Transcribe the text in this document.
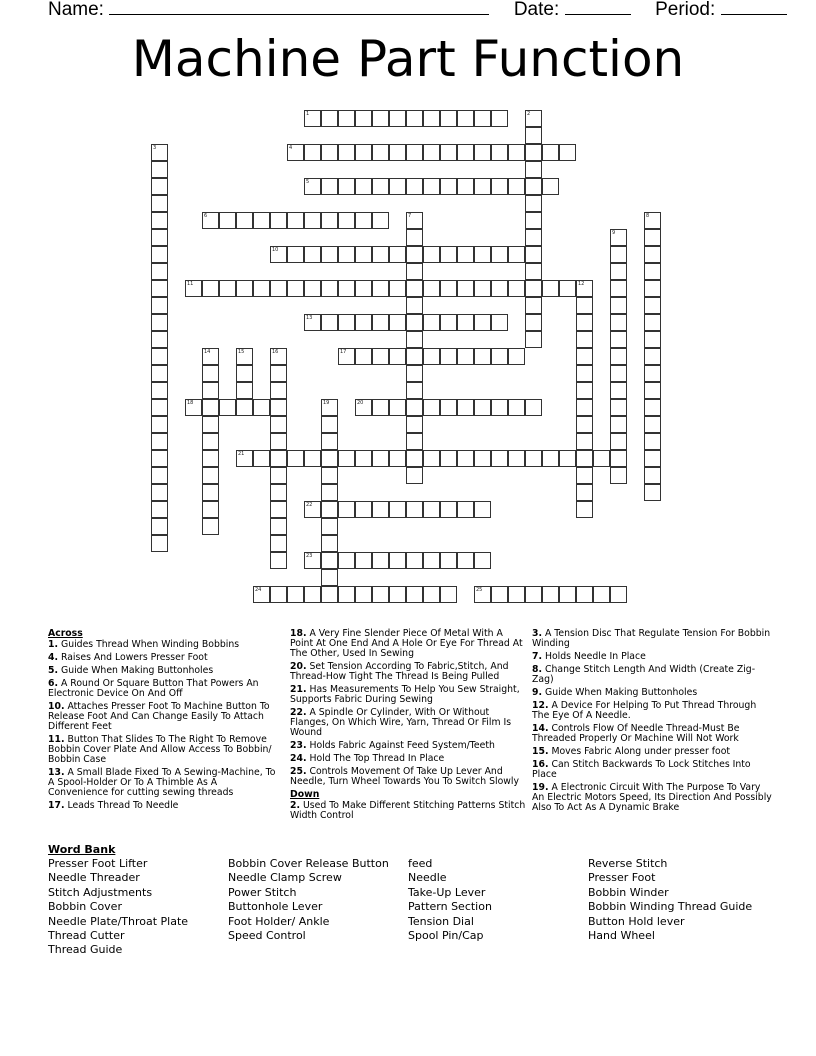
Name:	Date:	Period:
Machine Part Function
1
4
5
6
10
11	12
13
17
18	20
21
22
23
24	25
2
3
7	8
9
14	15	16
19
Across
1. Guides Thread When Winding Bobbins
4. Raises And Lowers Presser Foot
5. Guide When Making Buttonholes
6. A Round Or Square Button That Powers An Electronic Device On And Off
10. Attaches Presser Foot To Machine Button To Release Foot And Can Change Easily To Attach Different Feet
11. Button That Slides To The Right To Remove Bobbin Cover Plate And Allow Access To Bobbin/ Bobbin Case
13. A Small Blade Fixed To A Sewing-Machine, To A Spool-Holder Or To A Thimble As A Convenience for cutting sewing threads
17. Leads Thread To Needle
18. A Very Fine Slender Piece Of Metal With A Point At One End And A Hole Or Eye For Thread At The Other, Used In Sewing
20. Set Tension According To Fabric,Stitch, And Thread-How Tight The Thread Is Being Pulled
21. Has Measurements To Help You Sew Straight, Supports Fabric During Sewing
22. A Spindle Or Cylinder, With Or Without Flanges, On Which Wire, Yarn, Thread Or Film Is Wound
23. Holds Fabric Against Feed System/Teeth
24. Hold The Top Thread In Place
25. Controls Movement Of Take Up Lever And Needle, Turn Wheel Towards You To Switch Slowly
Down
2. Used To Make Different Stitching Patterns Stitch Width Control
3. A Tension Disc That Regulate Tension For Bobbin Winding
7. Holds Needle In Place
8. Change Stitch Length And Width (Create Zig-Zag)
9. Guide When Making Buttonholes
12. A Device For Helping To Put Thread Through The Eye Of A Needle.
14. Controls Flow Of Needle Thread-Must Be Threaded Properly Or Machine Will Not Work
15. Moves Fabric Along under presser foot
16. Can Stitch Backwards To Lock Stitches Into Place
19. A Electronic Circuit With The Purpose To Vary An Electric Motors Speed, Its Direction And Possibly Also To Act As A Dynamic Brake
Word Bank
Presser Foot Lifter
Needle Threader
Stitch Adjustments
Bobbin Cover
Needle Plate/Throat Plate
Thread Cutter
Thread Guide
Bobbin Cover Release Button
Needle Clamp Screw
Power Stitch
Buttonhole Lever
Foot Holder/ Ankle
Speed Control
feed
Needle
Take-Up Lever
Pattern Section
Tension Dial
Spool Pin/Cap
Reverse Stitch
Presser Foot
Bobbin Winder
Bobbin Winding Thread Guide
Button Hold lever
Hand Wheel
